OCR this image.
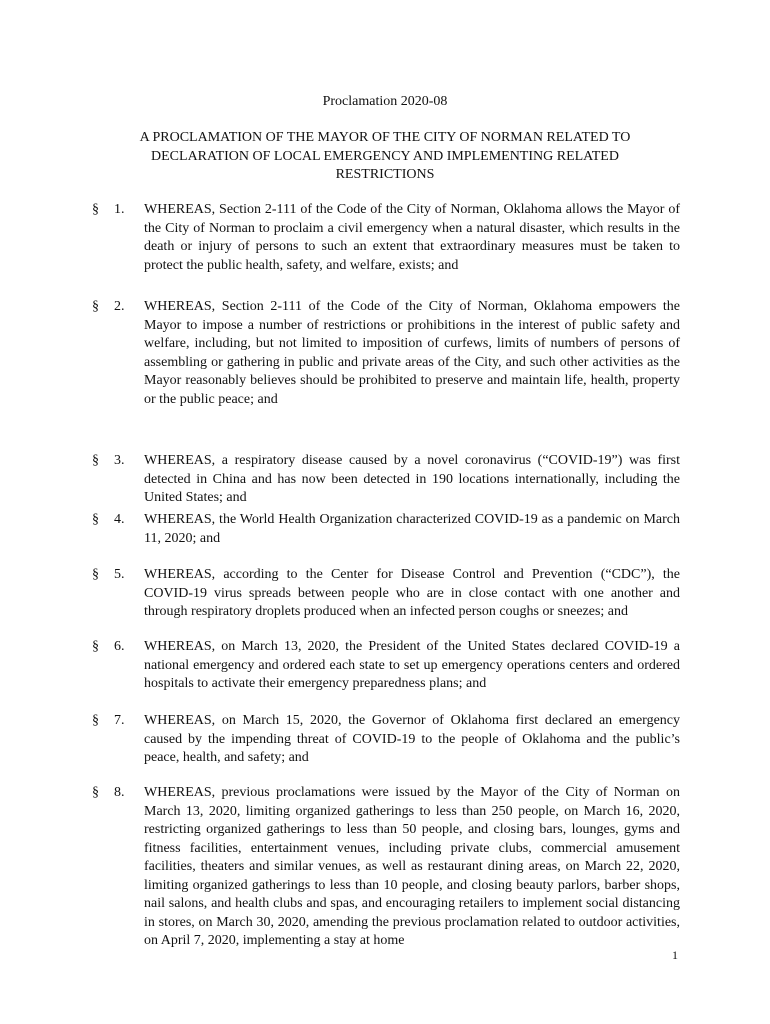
Proclamation 2020-08
A PROCLAMATION OF THE MAYOR OF THE CITY OF NORMAN RELATED TO DECLARATION OF LOCAL EMERGENCY AND IMPLEMENTING RELATED RESTRICTIONS
§ 1. WHEREAS, Section 2-111 of the Code of the City of Norman, Oklahoma allows the Mayor of the City of Norman to proclaim a civil emergency when a natural disaster, which results in the death or injury of persons to such an extent that extraordinary measures must be taken to protect the public health, safety, and welfare, exists; and
§ 2. WHEREAS, Section 2-111 of the Code of the City of Norman, Oklahoma empowers the Mayor to impose a number of restrictions or prohibitions in the interest of public safety and welfare, including, but not limited to imposition of curfews, limits of numbers of persons of assembling or gathering in public and private areas of the City, and such other activities as the Mayor reasonably believes should be prohibited to preserve and maintain life, health, property or the public peace; and
§ 3. WHEREAS, a respiratory disease caused by a novel coronavirus (“COVID-19”) was first detected in China and has now been detected in 190 locations internationally, including the United States; and
§ 4. WHEREAS, the World Health Organization characterized COVID-19 as a pandemic on March 11, 2020; and
§ 5. WHEREAS, according to the Center for Disease Control and Prevention (“CDC”), the COVID-19 virus spreads between people who are in close contact with one another and through respiratory droplets produced when an infected person coughs or sneezes; and
§ 6. WHEREAS, on March 13, 2020, the President of the United States declared COVID-19 a national emergency and ordered each state to set up emergency operations centers and ordered hospitals to activate their emergency preparedness plans; and
§ 7. WHEREAS, on March 15, 2020, the Governor of Oklahoma first declared an emergency caused by the impending threat of COVID-19 to the people of Oklahoma and the public’s peace, health, and safety; and
§ 8. WHEREAS, previous proclamations were issued by the Mayor of the City of Norman on March 13, 2020, limiting organized gatherings to less than 250 people, on March 16, 2020, restricting organized gatherings to less than 50 people, and closing bars, lounges, gyms and fitness facilities, entertainment venues, including private clubs, commercial amusement facilities, theaters and similar venues, as well as restaurant dining areas, on March 22, 2020, limiting organized gatherings to less than 10 people, and closing beauty parlors, barber shops, nail salons, and health clubs and spas, and encouraging retailers to implement social distancing in stores, on March 30, 2020, amending the previous proclamation related to outdoor activities, on April 7, 2020, implementing a stay at home
1
